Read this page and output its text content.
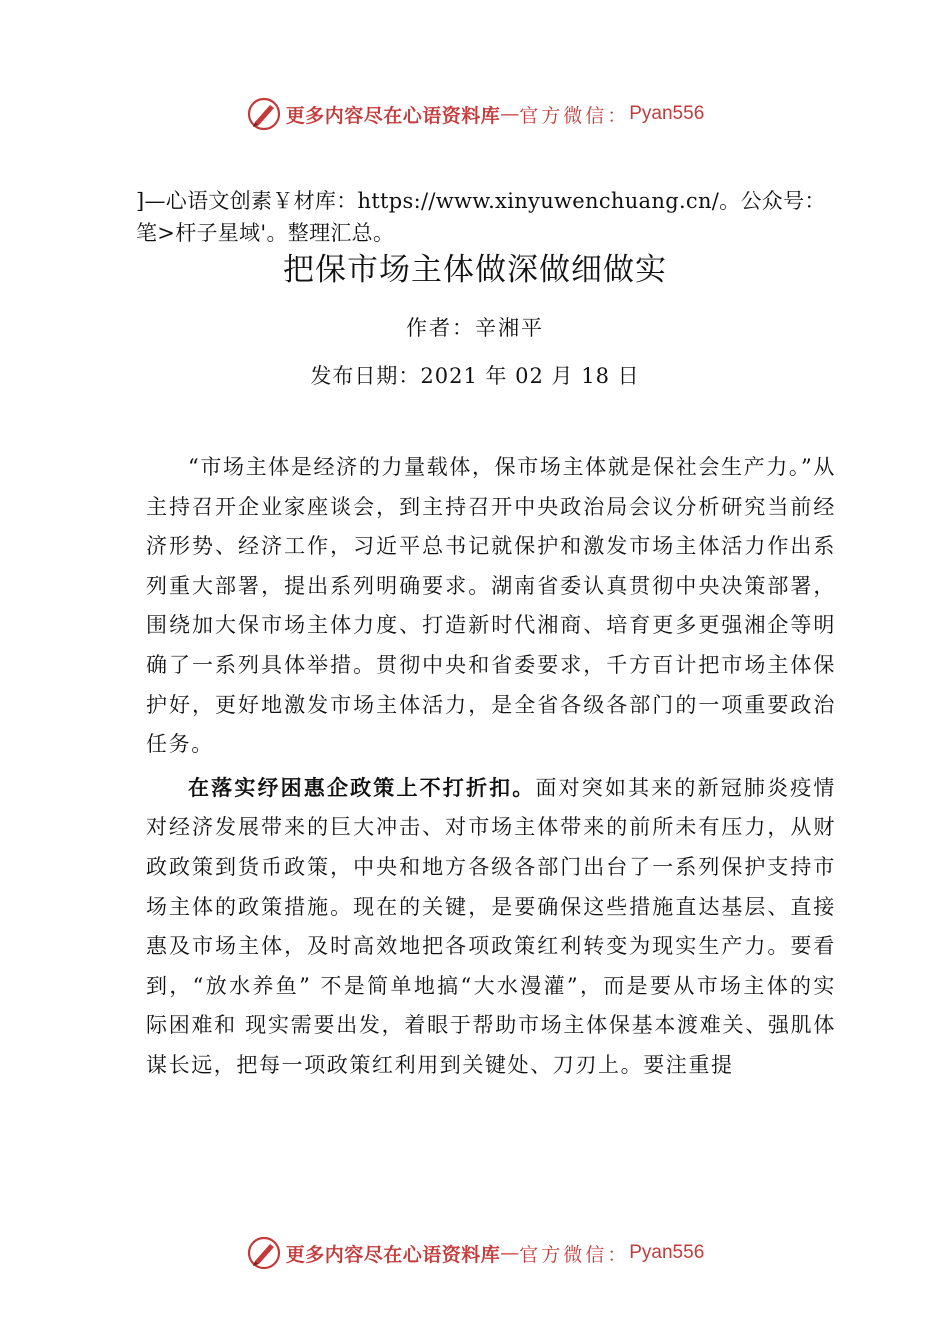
更多内容尽在心语资料库 — 官方微信： Pyan556
]—心语文创素￥材库：https://www.xinyuwenchuang.cn/。公众号：笔>杆子星域'。整理汇总。
把保市场主体做深做细做实
作者：辛湘平
发布日期：2021 年 02 月 18 日

“市场主体是经济的力量载体，保市场主体就是保社会生产力。”从主持召开企业家座谈会，到主持召开中央政治局会议分析研究当前经济形势、经济工作，习近平总书记就保护和激发市场主体活力作出系列重大部署，提出系列明确要求。湖南省委认真贯彻中央决策部署，围绕加大保市场主体力度、打造新时代湘商、培育更多更强湘企等明确了一系列具体举措。贯彻中央和省委要求，千方百计把市场主体保护好，更好地激发市场主体活力，是全省各级各部门的一项重要政治任务。

在落实纾困惠企政策上不打折扣。面对突如其来的新冠肺炎疫情对经济发展带来的巨大冲击、对市场主体带来的前所未有压力，从财政政策到货币政策，中央和地方各级各部门出台了一系列保护支持市场主体的政策措施。现在的关键，是要确保这些措施直达基层、直接惠及市场主体，及时高效地把各项政策红利转变为现实生产力。要看到，“放水养鱼” 不是简单地搞“大水漫灌”，而是要从市场主体的实际困难和 现实需要出发，着眼于帮助市场主体保基本渡难关、强肌体 谋长远，把每一项政策红利用到关键处、刀刃上。要注重提

更多内容尽在心语资料库 — 官方微信： Pyan556
